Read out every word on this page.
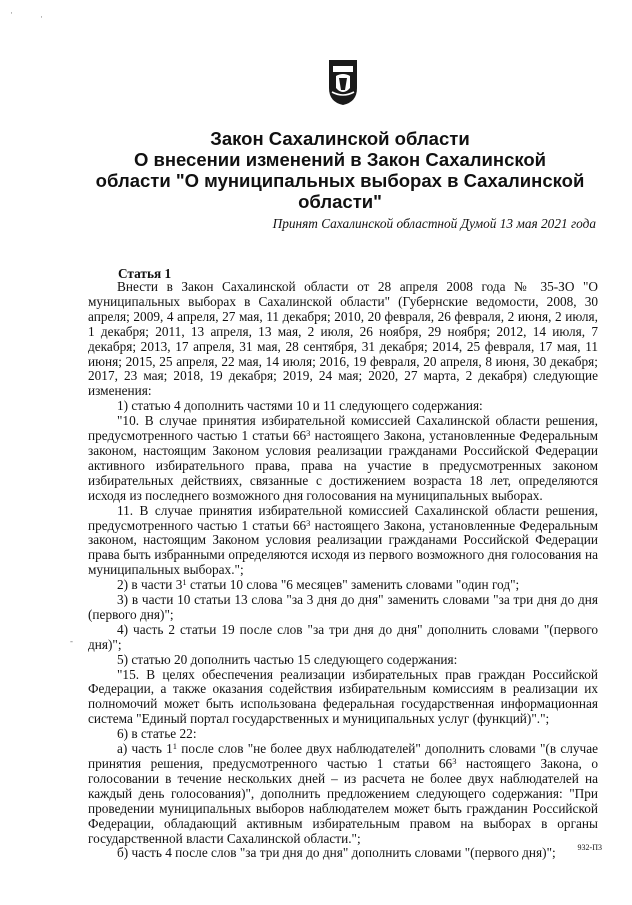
Закон Сахалинской области
О внесении изменений в Закон Сахалинской
области "О муниципальных выборах в Сахалинской
области"
Принят Сахалинской областной Думой 13 мая 2021 года
Статья 1

Внести в Закон Сахалинской области от 28 апреля 2008 года № 35-ЗО "О муниципальных выборах в Сахалинской области" (Губернские ведомости, 2008, 30 апреля; 2009, 4 апреля, 27 мая, 11 декабря; 2010, 20 февраля, 26 февраля, 2 июня, 2 июля, 1 декабря; 2011, 13 апреля, 13 мая, 2 июля, 26 ноября, 29 ноября; 2012, 14 июля, 7 декабря; 2013, 17 апреля, 31 мая, 28 сентября, 31 декабря; 2014, 25 февраля, 17 мая, 11 июня; 2015, 25 апреля, 22 мая, 14 июля; 2016, 19 февраля, 20 апреля, 8 июня, 30 декабря; 2017, 23 мая; 2018, 19 декабря; 2019, 24 мая; 2020, 27 марта, 2 декабря) следующие изменения:

1) статью 4 дополнить частями 10 и 11 следующего содержания:

"10. В случае принятия избирательной комиссией Сахалинской области решения, предусмотренного частью 1 статьи $66^3$ настоящего Закона, установленные Федеральным законом, настоящим Законом условия реализации гражданами Российской Федерации активного избирательного права, права на участие в предусмотренных законом избирательных действиях, связанные с достижением возраста 18 лет, определяются исходя из последнего возможного дня голосования на муниципальных выборах.

11. В случае принятия избирательной комиссией Сахалинской области решения, предусмотренного частью 1 статьи $66^3$ настоящего Закона, установленные Федеральным законом, настоящим Законом условия реализации гражданами Российской Федерации права быть избранными определяются исходя из первого возможного дня голосования на муниципальных выборах.";

2) в части $3^1$ статьи 10 слова "6 месяцев" заменить словами "один год";

3) в части 10 статьи 13 слова "за 3 дня до дня" заменить словами "за три дня до дня (первого дня)";

4) часть 2 статьи 19 после слов "за три дня до дня" дополнить словами "(первого дня)";

5) статью 20 дополнить частью 15 следующего содержания:

"15. В целях обеспечения реализации избирательных прав граждан Российской Федерации, а также оказания содействия избирательным комиссиям в реализации их полномочий может быть использована федеральная государственная информационная система "Единый портал государственных и муниципальных услуг (функций)".";

6) в статье 22:

а) часть $1^1$ после слов "не более двух наблюдателей" дополнить словами "(в случае принятия решения, предусмотренного частью 1 статьи $66^3$ настоящего Закона, о голосовании в течение нескольких дней – из расчета не более двух наблюдателей на каждый день голосования)", дополнить предложением следующего содержания: "При проведении муниципальных выборов наблюдателем может быть гражданин Российской Федерации, обладающий активным избирательным правом на выборах в органы государственной власти Сахалинской области.";

б) часть 4 после слов "за три дня до дня" дополнить словами "(первого дня)";	932-П3
·	·
-
